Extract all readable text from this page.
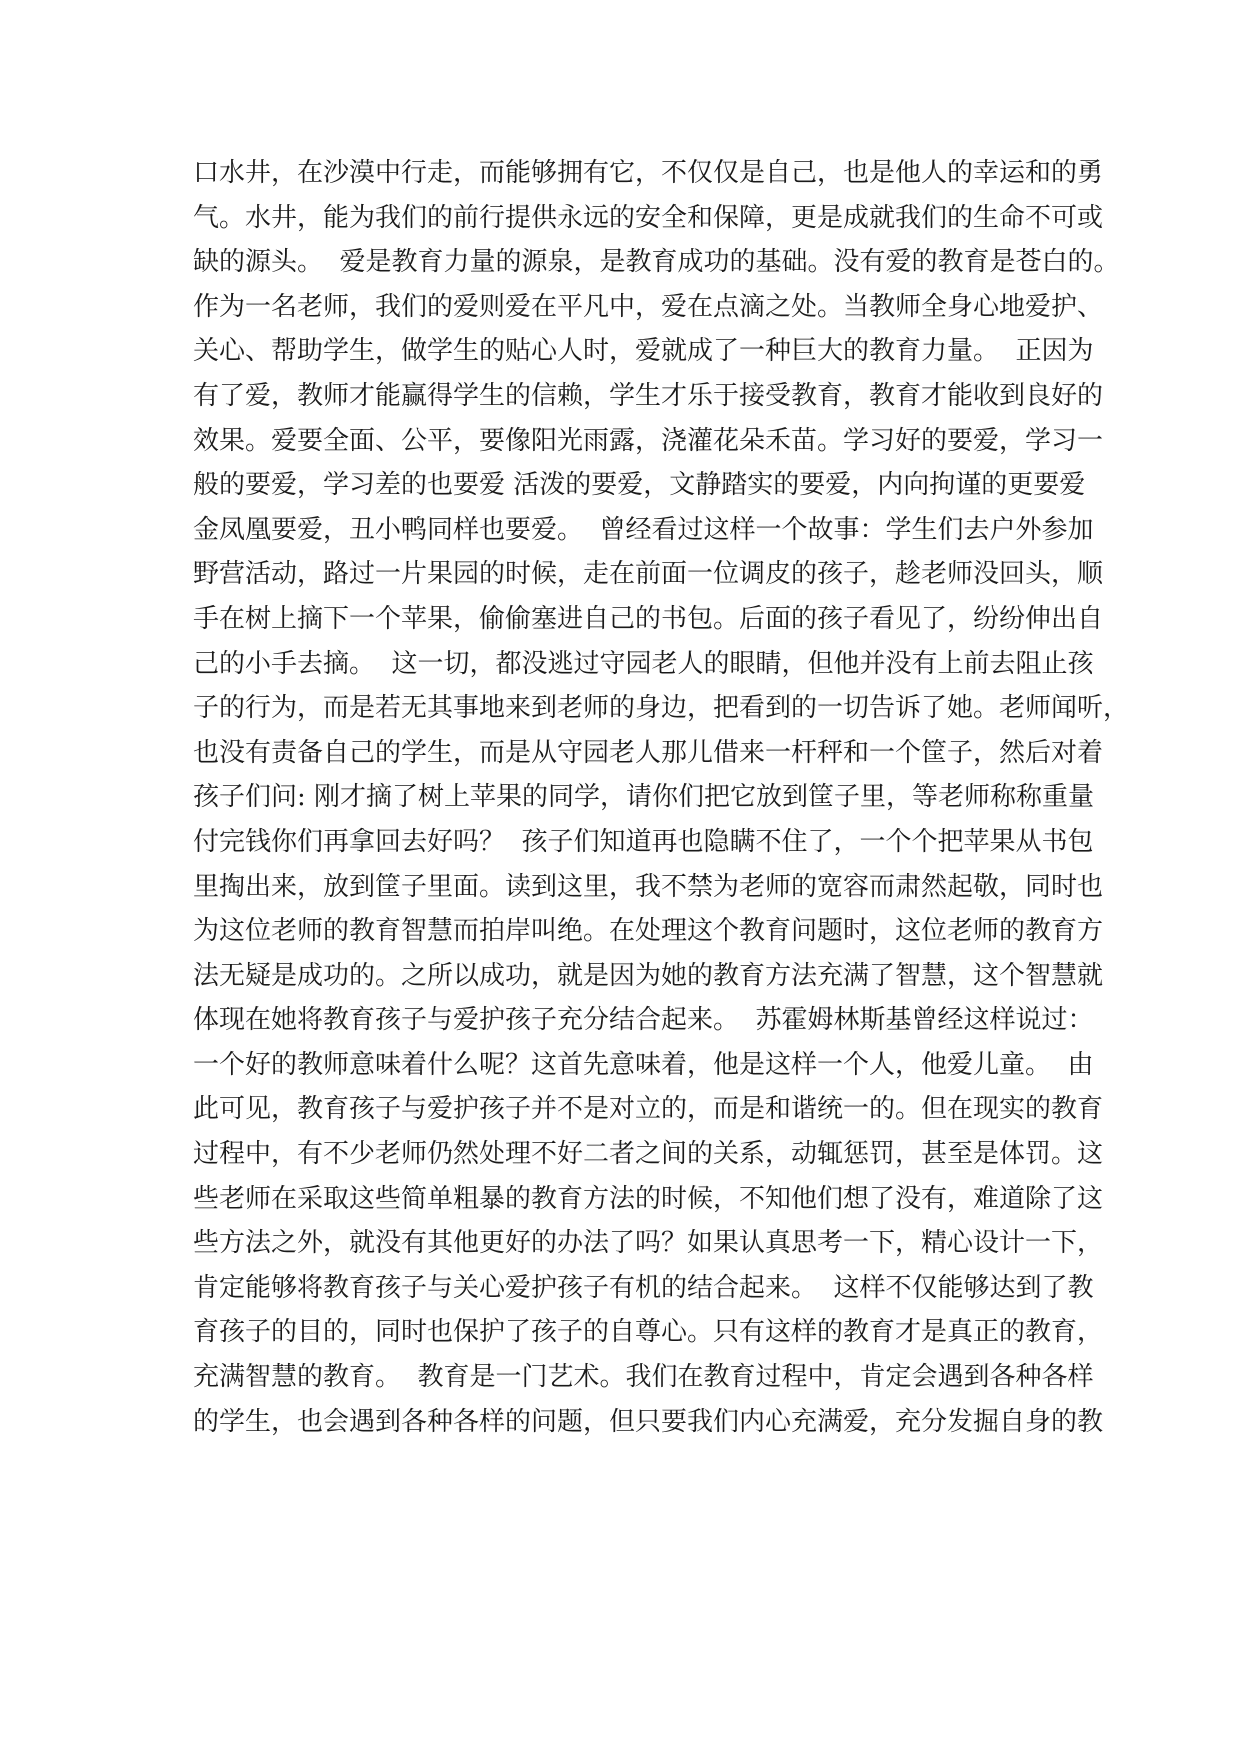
口水井，在沙漠中行走，而能够拥有它，不仅仅是自己，也是他人的幸运和的勇
气。水井，能为我们的前行提供永远的安全和保障，更是成就我们的生命不可或
缺的源头。  爱是教育力量的源泉，是教育成功的基础。没有爱的教育是苍白的。
作为一名老师，我们的爱则爱在平凡中，爱在点滴之处。当教师全身心地爱护、
关心、帮助学生，做学生的贴心人时，爱就成了一种巨大的教育力量。  正因为
有了爱，教师才能赢得学生的信赖，学生才乐于接受教育，教育才能收到良好的
效果。爱要全面、公平，要像阳光雨露，浇灌花朵禾苗。学习好的要爱，学习一
般的要爱，学习差的也要爱 活泼的要爱，文静踏实的要爱，内向拘谨的更要爱
金凤凰要爱，丑小鸭同样也要爱。  曾经看过这样一个故事：学生们去户外参加
野营活动，路过一片果园的时候，走在前面一位调皮的孩子，趁老师没回头，顺
手在树上摘下一个苹果，偷偷塞进自己的书包。后面的孩子看见了，纷纷伸出自
己的小手去摘。  这一切，都没逃过守园老人的眼睛，但他并没有上前去阻止孩
子的行为，而是若无其事地来到老师的身边，把看到的一切告诉了她。老师闻听，
也没有责备自己的学生，而是从守园老人那儿借来一杆秤和一个筐子，然后对着
孩子们问: 刚才摘了树上苹果的同学，请你们把它放到筐子里，等老师称称重量
付完钱你们再拿回去好吗？  孩子们知道再也隐瞒不住了，一个个把苹果从书包
里掏出来，放到筐子里面。读到这里，我不禁为老师的宽容而肃然起敬，同时也
为这位老师的教育智慧而拍岸叫绝。在处理这个教育问题时，这位老师的教育方
法无疑是成功的。之所以成功，就是因为她的教育方法充满了智慧，这个智慧就
体现在她将教育孩子与爱护孩子充分结合起来。  苏霍姆林斯基曾经这样说过：
一个好的教师意味着什么呢？这首先意味着，他是这样一个人，他爱儿童。  由
此可见，教育孩子与爱护孩子并不是对立的，而是和谐统一的。但在现实的教育
过程中，有不少老师仍然处理不好二者之间的关系，动辄惩罚，甚至是体罚。这
些老师在采取这些简单粗暴的教育方法的时候，不知他们想了没有，难道除了这
些方法之外，就没有其他更好的办法了吗？如果认真思考一下，精心设计一下，
肯定能够将教育孩子与关心爱护孩子有机的结合起来。  这样不仅能够达到了教
育孩子的目的，同时也保护了孩子的自尊心。只有这样的教育才是真正的教育，
充满智慧的教育。  教育是一门艺术。我们在教育过程中，肯定会遇到各种各样
的学生，也会遇到各种各样的问题，但只要我们内心充满爱，充分发掘自身的教
